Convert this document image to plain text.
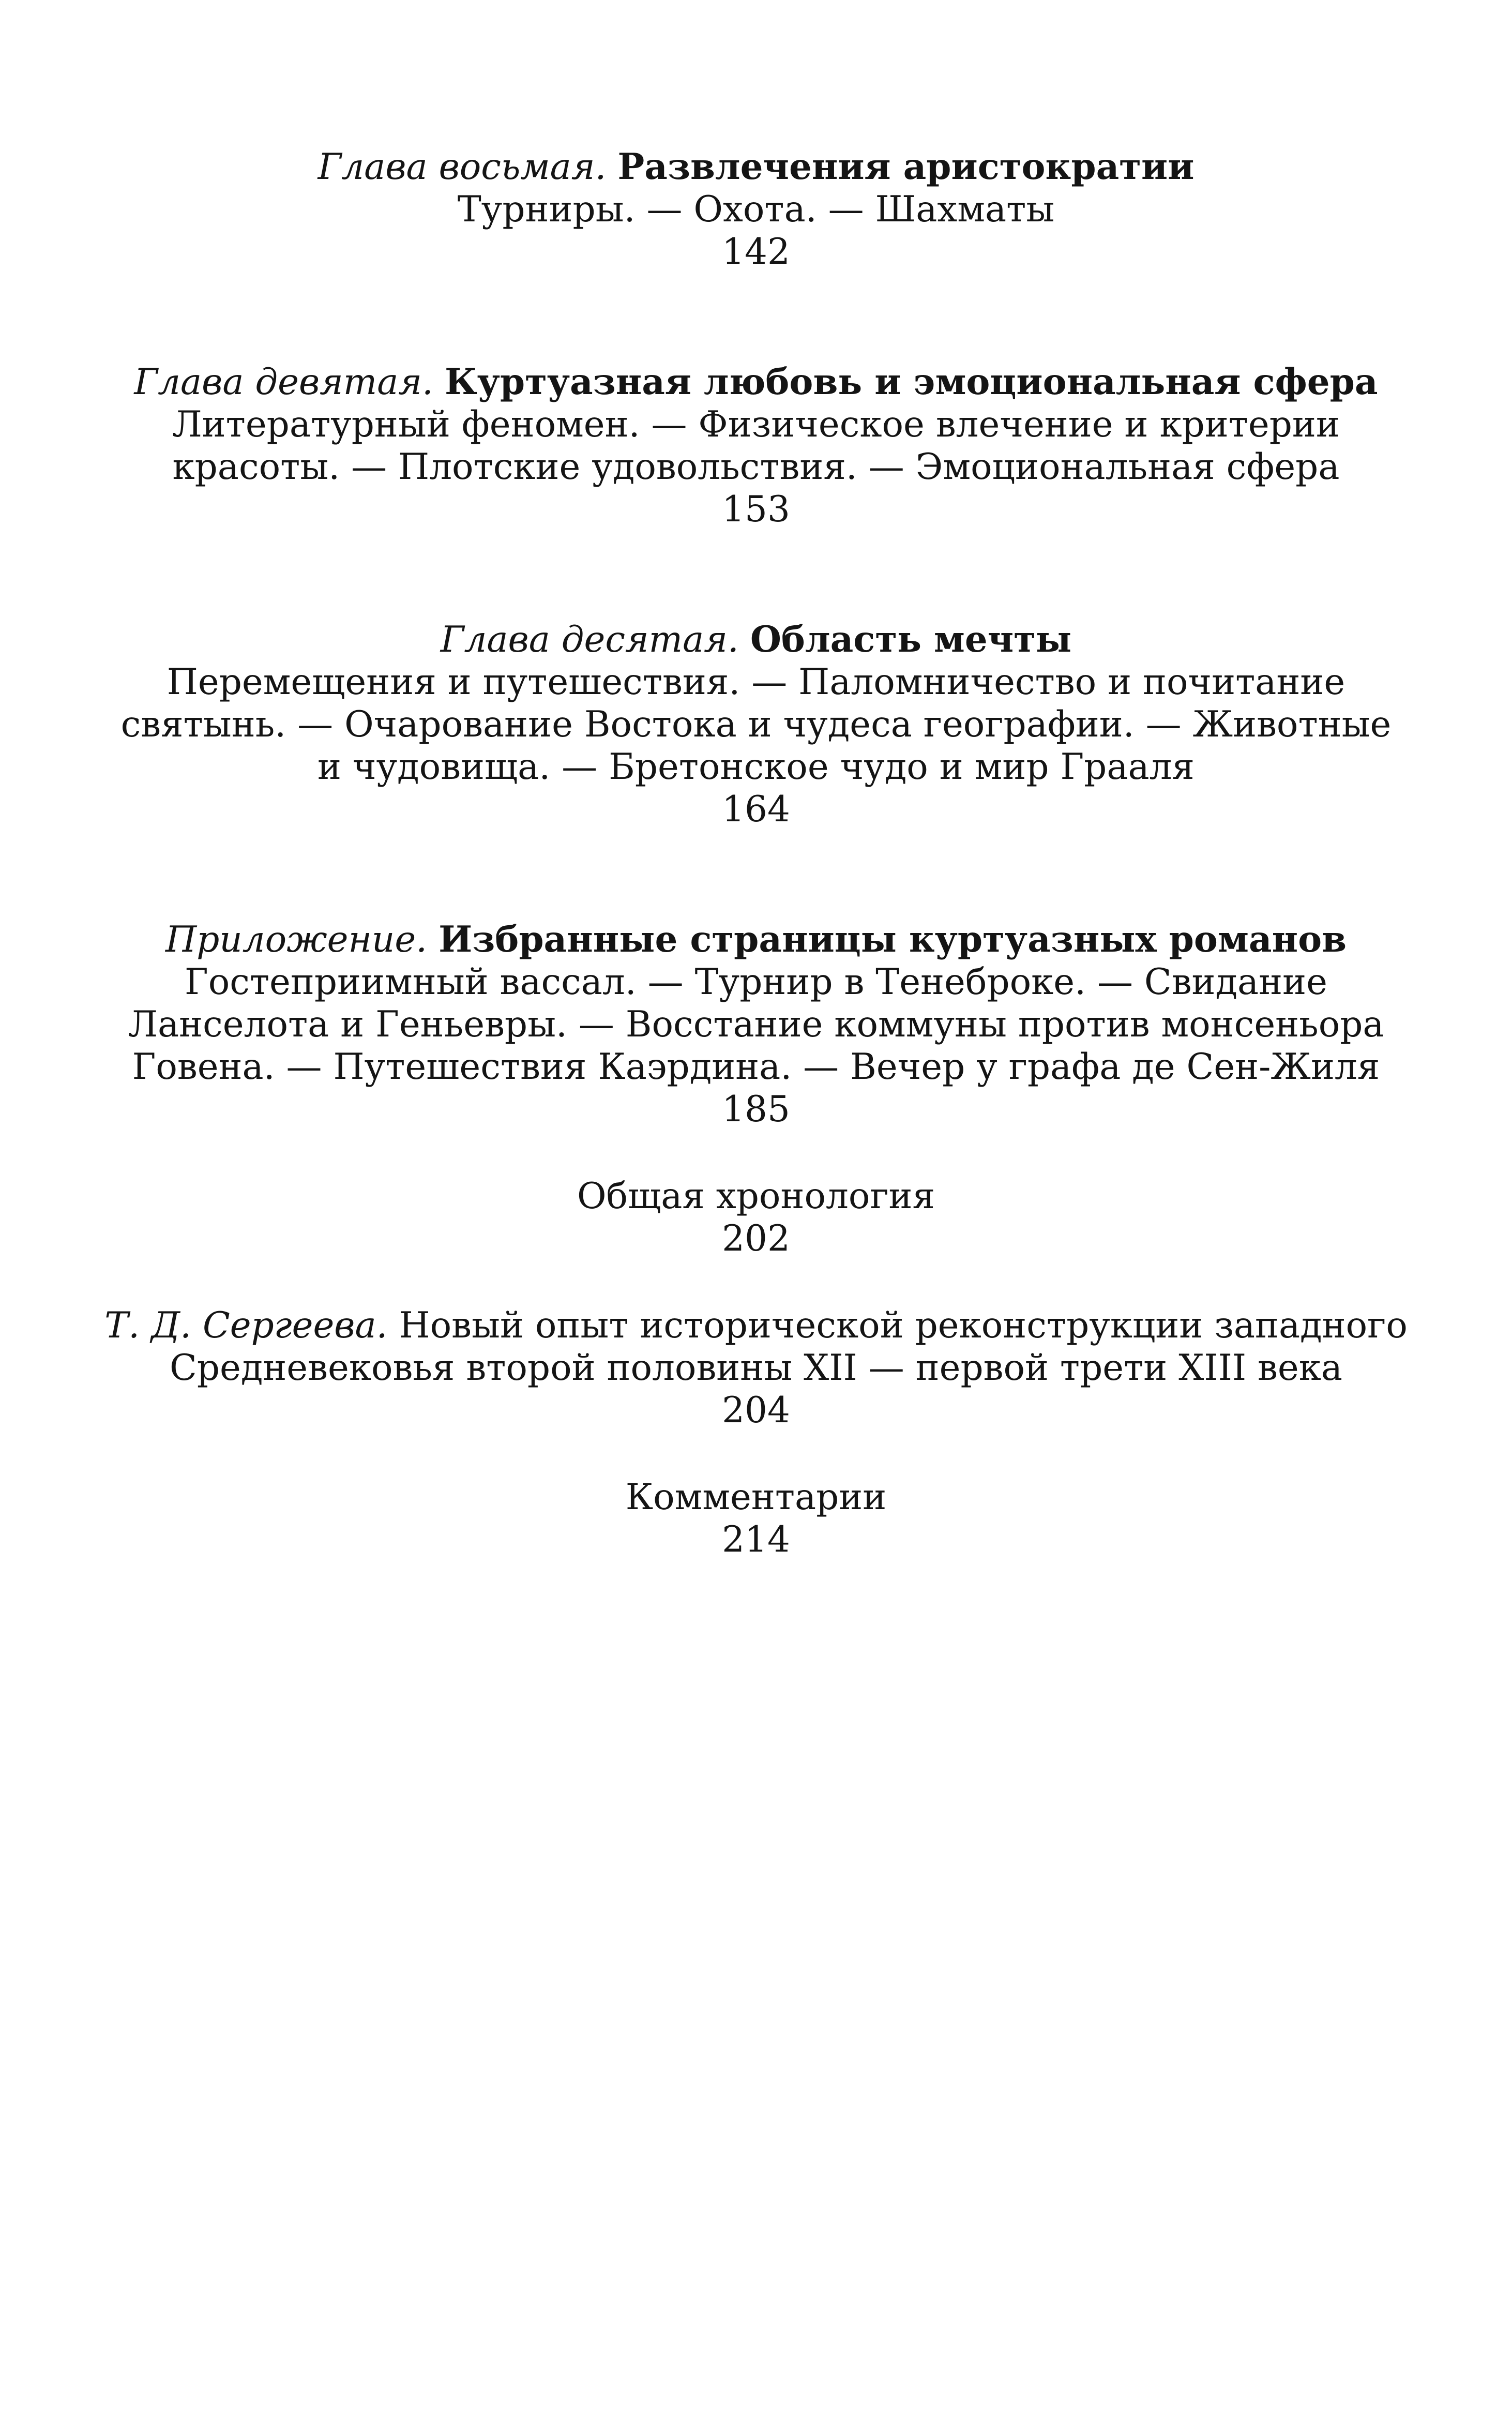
Глава восьмая. Развлечения аристократии
Турниры. — Охота. — Шахматы
142
Глава девятая. Куртуазная любовь и эмоциональная сфера
Литературный феномен. — Физическое влечение и критерии
красоты. — Плотские удовольствия. — Эмоциональная сфера
153
Глава десятая. Область мечты
Перемещения и путешествия. — Паломничество и почитание
святынь. — Очарование Востока и чудеса географии. — Животные
и чудовища. — Бретонское чудо и мир Грааля
164
Приложение. Избранные страницы куртуазных романов
Гостеприимный вассал. — Турнир в Тенеброке. — Свидание
Ланселота и Геньевры. — Восстание коммуны против монсеньора
Говена. — Путешествия Каэрдина. — Вечер у графа де Сен-Жиля
185
Общая хронология
202
Т. Д. Сергеева. Новый опыт исторической реконструкции западного
Средневековья второй половины XII — первой трети XIII века
204
Комментарии
214
